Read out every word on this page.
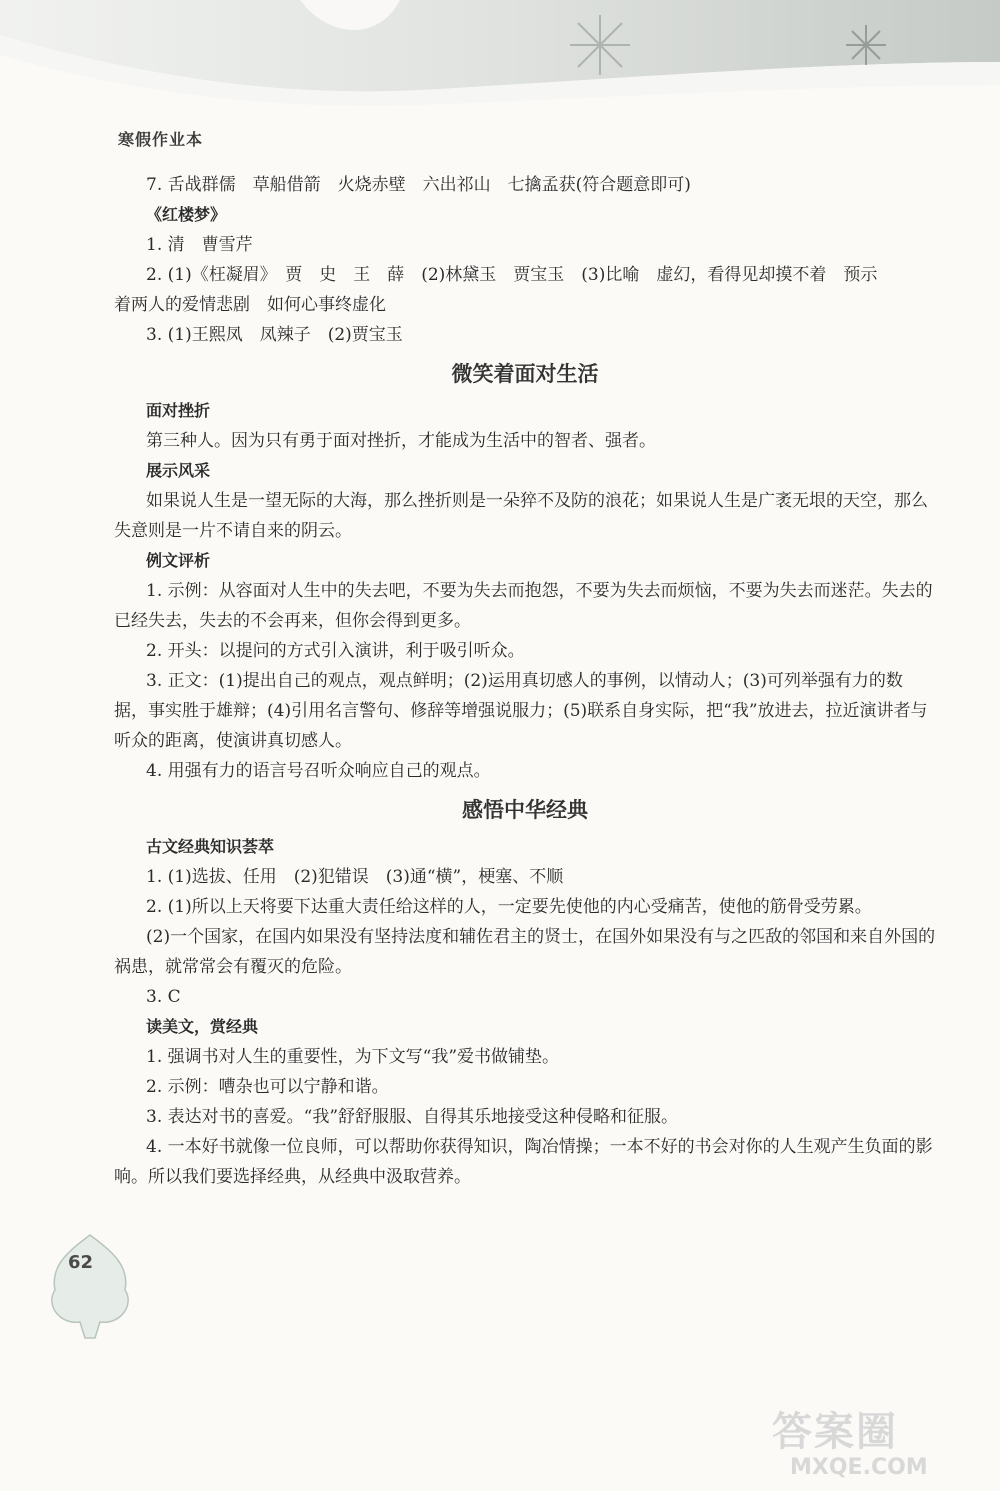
寒假作业本
7. 舌战群儒　草船借箭　火烧赤壁　六出祁山　七擒孟获(符合题意即可)
《红楼梦》
1. 清　曹雪芹
2. (1)《枉凝眉》　贾　史　王　薛　(2)林黛玉　贾宝玉　(3)比喻　虚幻，看得见却摸不着　预示
着两人的爱情悲剧　如何心事终虚化
3. (1)王熙凤　凤辣子　(2)贾宝玉
微笑着面对生活
面对挫折
第三种人。因为只有勇于面对挫折，才能成为生活中的智者、强者。
展示风采
如果说人生是一望无际的大海，那么挫折则是一朵猝不及防的浪花；如果说人生是广袤无垠的天空，那么失意则是一片不请自来的阴云。
例文评析
1. 示例：从容面对人生中的失去吧，不要为失去而抱怨，不要为失去而烦恼，不要为失去而迷茫。失去的已经失去，失去的不会再来，但你会得到更多。
2. 开头：以提问的方式引入演讲，利于吸引听众。
3. 正文：(1)提出自己的观点，观点鲜明；(2)运用真切感人的事例，以情动人；(3)可列举强有力的数据，事实胜于雄辩；(4)引用名言警句、修辞等增强说服力；(5)联系自身实际，把“我”放进去，拉近演讲者与听众的距离，使演讲真切感人。
4. 用强有力的语言号召听众响应自己的观点。
感悟中华经典
古文经典知识荟萃
1. (1)选拔、任用　(2)犯错误　(3)通“横”，梗塞、不顺
2. (1)所以上天将要下达重大责任给这样的人，一定要先使他的内心受痛苦，使他的筋骨受劳累。
(2)一个国家，在国内如果没有坚持法度和辅佐君主的贤士，在国外如果没有与之匹敌的邻国和来自外国的祸患，就常常会有覆灭的危险。
3. C
读美文，赏经典
1. 强调书对人生的重要性，为下文写“我”爱书做铺垫。
2. 示例：嘈杂也可以宁静和谐。
3. 表达对书的喜爱。“我”舒舒服服、自得其乐地接受这种侵略和征服。
4. 一本好书就像一位良师，可以帮助你获得知识，陶冶情操；一本不好的书会对你的人生观产生负面的影响。所以我们要选择经典，从经典中汲取营养。
62
答案圈
MXQE.COM
